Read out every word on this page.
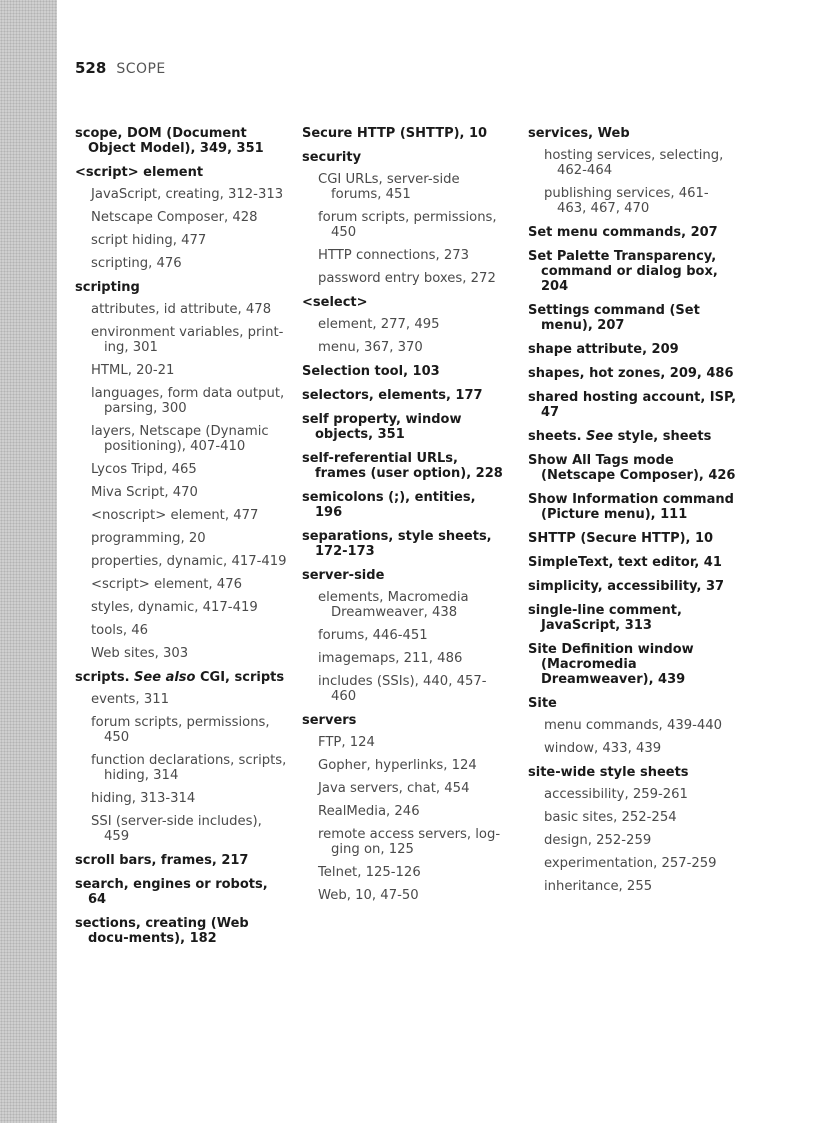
528 SCOPE
scope, DOM (Document Object Model), 349, 351
<script> element
JavaScript, creating, 312-313
Netscape Composer, 428
script hiding, 477
scripting, 476
scripting
attributes, id attribute, 478
environment variables, print-ing, 301
HTML, 20-21
languages, form data output, parsing, 300
layers, Netscape (Dynamic positioning), 407-410
Lycos Tripd, 465
Miva Script, 470
<noscript> element, 477
programming, 20
properties, dynamic, 417-419
<script> element, 476
styles, dynamic, 417-419
tools, 46
Web sites, 303
scripts. See also CGI, scripts
events, 311
forum scripts, permissions, 450
function declarations, scripts, hiding, 314
hiding, 313-314
SSI (server-side includes), 459
scroll bars, frames, 217
search, engines or robots, 64
sections, creating (Web docu-ments), 182
Secure HTTP (SHTTP), 10
security
CGI URLs, server-side forums, 451
forum scripts, permissions, 450
HTTP connections, 273
password entry boxes, 272
<select>
element, 277, 495
menu, 367, 370
Selection tool, 103
selectors, elements, 177
self property, window objects, 351
self-referential URLs, frames (user option), 228
semicolons (;), entities, 196
separations, style sheets, 172-173
server-side
elements, Macromedia Dreamweaver, 438
forums, 446-451
imagemaps, 211, 486
includes (SSIs), 440, 457-460
servers
FTP, 124
Gopher, hyperlinks, 124
Java servers, chat, 454
RealMedia, 246
remote access servers, log-ging on, 125
Telnet, 125-126
Web, 10, 47-50
services, Web
hosting services, selecting, 462-464
publishing services, 461-463, 467, 470
Set menu commands, 207
Set Palette Transparency, command or dialog box, 204
Settings command (Set menu), 207
shape attribute, 209
shapes, hot zones, 209, 486
shared hosting account, ISP, 47
sheets. See style, sheets
Show All Tags mode (Netscape Composer), 426
Show Information command (Picture menu), 111
SHTTP (Secure HTTP), 10
SimpleText, text editor, 41
simplicity, accessibility, 37
single-line comment, JavaScript, 313
Site Definition window (Macromedia Dreamweaver), 439
Site
menu commands, 439-440
window, 433, 439
site-wide style sheets
accessibility, 259-261
basic sites, 252-254
design, 252-259
experimentation, 257-259
inheritance, 255
